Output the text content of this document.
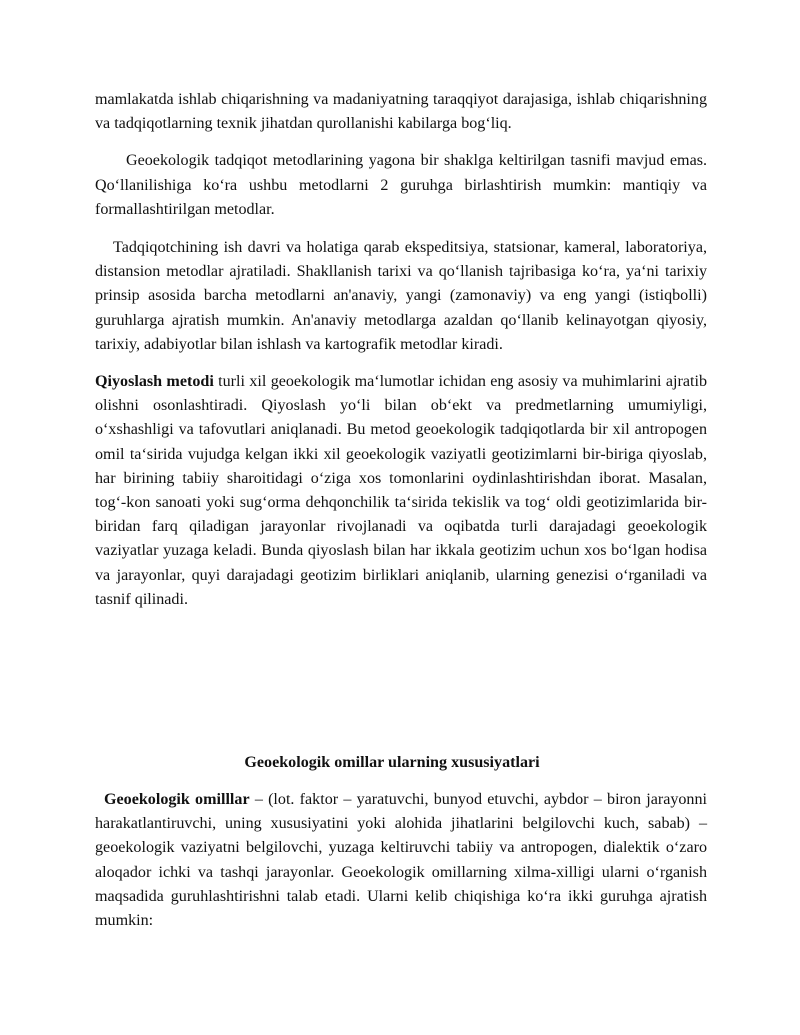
mamlakatda ishlab chiqarishning va madaniyatning taraqqiyot darajasiga, ishlab chiqarishning va tadqiqotlarning texnik jihatdan qurollanishi kabilarga bog‘liq.

Geoekologik tadqiqot metodlarining yagona bir shaklga keltirilgan tasnifi mavjud emas. Qo‘llanilishiga ko‘ra ushbu metodlarni 2 guruhga birlashtirish mumkin: mantiqiy va formallashtirilgan metodlar.

Tadqiqotchining ish davri va holatiga qarab ekspeditsiya, statsionar, kameral, laboratoriya, distansion metodlar ajratiladi. Shakllanish tarixi va qo‘llanish tajribasiga ko‘ra, ya‘ni tarixiy prinsip asosida barcha metodlarni an'anaviy, yangi (zamonaviy) va eng yangi (istiqbolli) guruhlarga ajratish mumkin. An'anaviy metodlarga azaldan qo‘llanib kelinayotgan qiyosiy, tarixiy, adabiyotlar bilan ishlash va kartografik metodlar kiradi.

Qiyoslash metodi turli xil geoekologik ma‘lumotlar ichidan eng asosiy va muhimlarini ajratib olishni osonlashtiradi. Qiyoslash yo‘li bilan ob‘ekt va predmetlarning umumiyligi, o‘xshashligi va tafovutlari aniqlanadi. Bu metod geoekologik tadqiqotlarda bir xil antropogen omil ta‘sirida vujudga kelgan ikki xil geoekologik vaziyatli geotizimlarni bir-biriga qiyoslab, har birining tabiiy sharoitidagi o‘ziga xos tomonlarini oydinlashtirishdan iborat. Masalan, tog‘-kon sanoati yoki sug‘orma dehqonchilik ta‘sirida tekislik va tog‘ oldi geotizimlarida bir-biridan farq qiladigan jarayonlar rivojlanadi va oqibatda turli darajadagi geoekologik vaziyatlar yuzaga keladi. Bunda qiyoslash bilan har ikkala geotizim uchun xos bo‘lgan hodisa va jarayonlar, quyi darajadagi geotizim birliklari aniqlanib, ularning genezisi o‘rganiladi va tasnif qilinadi.

Geoekologik omillar ularning xususiyatlari

Geoekologik omilllar – (lot. faktor – yaratuvchi, bunyod etuvchi, aybdor – biron jarayonni harakatlantiruvchi, uning xususiyatini yoki alohida jihatlarini belgilovchi kuch, sabab) – geoekologik vaziyatni belgilovchi, yuzaga keltiruvchi tabiiy va antropogen, dialektik o‘zaro aloqador ichki va tashqi jarayonlar. Geoekologik omillarning xilma-xilligi ularni o‘rganish maqsadida guruhlashtirishni talab etadi. Ularni kelib chiqishiga ko‘ra ikki guruhga ajratish mumkin:
